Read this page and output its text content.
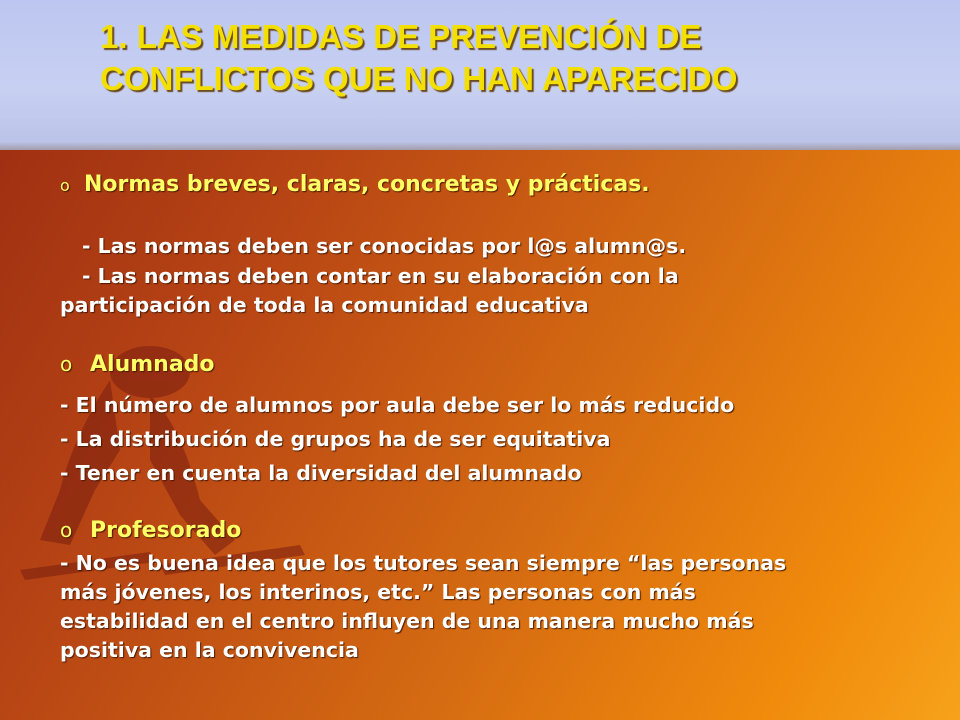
1. LAS MEDIDAS DE PREVENCIÓN DE
CONFLICTOS QUE NO HAN APARECIDO
o Normas breves, claras, concretas y prácticas.
- Las normas deben ser conocidas por l@s alumn@s.
- Las normas deben contar en su elaboración con la
participación de toda la comunidad educativa
o Alumnado
- El número de alumnos por aula debe ser lo más reducido
- La distribución de grupos ha de ser equitativa
- Tener en cuenta la diversidad del alumnado
o Profesorado
- No es buena idea que los tutores sean siempre “las personas
más jóvenes, los interinos, etc.” Las personas con más
estabilidad en el centro influyen de una manera mucho más
positiva en la convivencia
